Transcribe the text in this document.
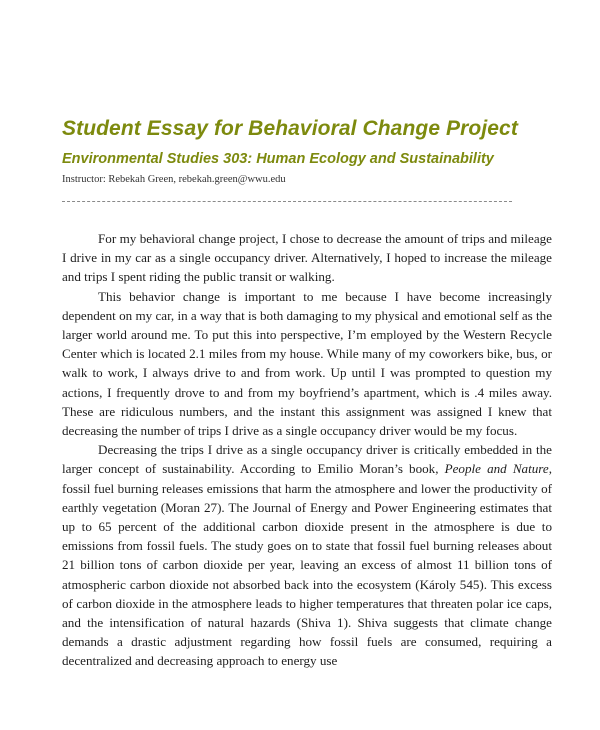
Student Essay for Behavioral Change Project
Environmental Studies 303: Human Ecology and Sustainability
Instructor: Rebekah Green, rebekah.green@wwu.edu

For my behavioral change project, I chose to decrease the amount of trips and mileage I drive in my car as a single occupancy driver. Alternatively, I hoped to increase the mileage and trips I spent riding the public transit or walking.

This behavior change is important to me because I have become increasingly dependent on my car, in a way that is both damaging to my physical and emotional self as the larger world around me. To put this into perspective, I’m employed by the Western Recycle Center which is located 2.1 miles from my house. While many of my coworkers bike, bus, or walk to work, I always drive to and from work. Up until I was prompted to question my actions, I frequently drove to and from my boyfriend’s apartment, which is .4 miles away. These are ridiculous numbers, and the instant this assignment was assigned I knew that decreasing the number of trips I drive as a single occupancy driver would be my focus.

Decreasing the trips I drive as a single occupancy driver is critically embedded in the larger concept of sustainability. According to Emilio Moran’s book, People and Nature, fossil fuel burning releases emissions that harm the atmosphere and lower the productivity of earthly vegetation (Moran 27). The Journal of Energy and Power Engineering estimates that up to 65 percent of the additional carbon dioxide present in the atmosphere is due to emissions from fossil fuels. The study goes on to state that fossil fuel burning releases about 21 billion tons of carbon dioxide per year, leaving an excess of almost 11 billion tons of atmospheric carbon dioxide not absorbed back into the ecosystem (Károly 545). This excess of carbon dioxide in the atmosphere leads to higher temperatures that threaten polar ice caps, and the intensification of natural hazards (Shiva 1). Shiva suggests that climate change demands a drastic adjustment regarding how fossil fuels are consumed, requiring a decentralized and decreasing approach to energy use
